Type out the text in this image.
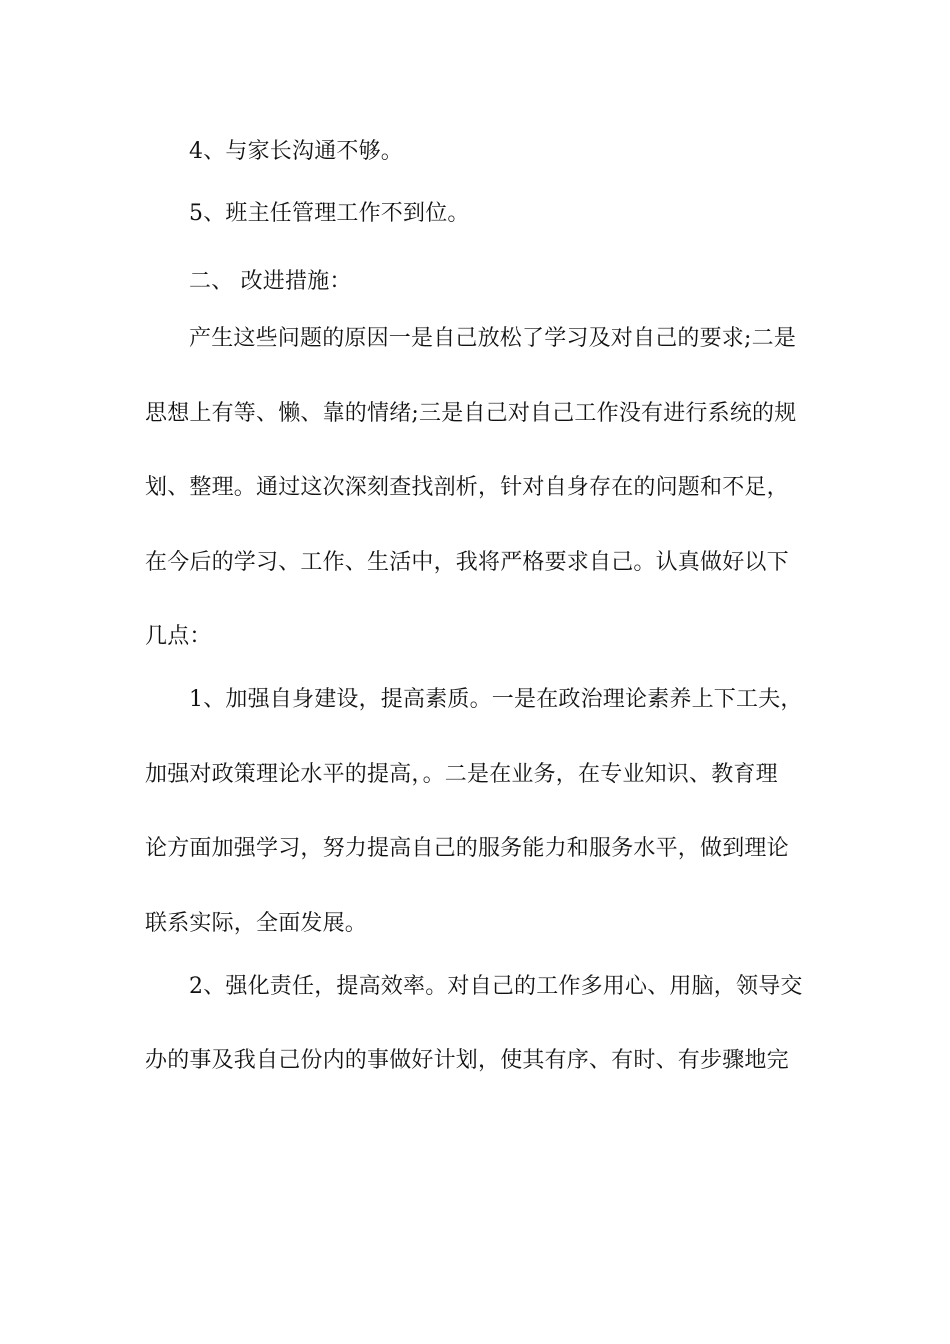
4、与家长沟通不够。
5、班主任管理工作不到位。
二、 改进措施：
产生这些问题的原因一是自己放松了学习及对自己的要求;二是
思想上有等、懒、靠的情绪;三是自己对自己工作没有进行系统的规
划、整理。通过这次深刻查找剖析，针对自身存在的问题和不足，
在今后的学习、工作、生活中，我将严格要求自己。认真做好以下
几点：
1、加强自身建设，提高素质。一是在政治理论素养上下工夫，
加强对政策理论水平的提高，。二是在业务，在专业知识、教育理
论方面加强学习，努力提高自己的服务能力和服务水平，做到理论
联系实际，全面发展。
2、强化责任，提高效率。对自己的工作多用心、用脑，领导交
办的事及我自己份内的事做好计划，使其有序、有时、有步骤地完
